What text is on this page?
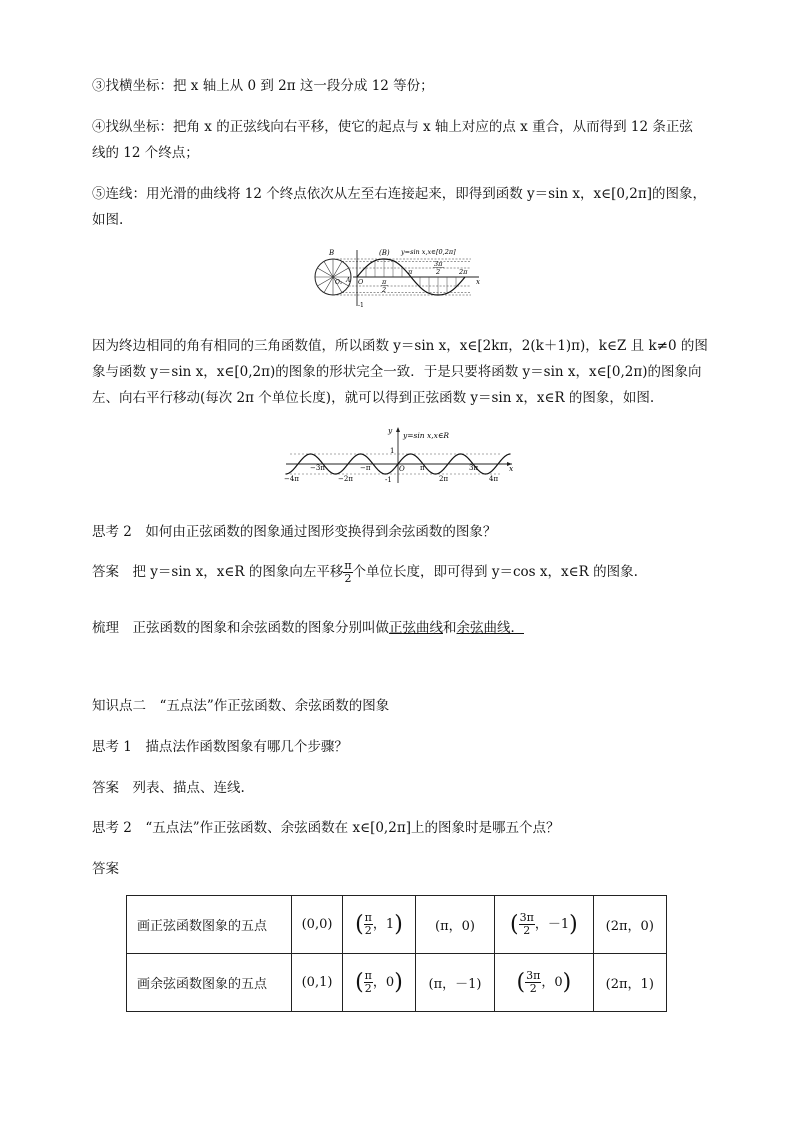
③找横坐标：把 x 轴上从 0 到 2π 这一段分成 12 等份；
④找纵坐标：把角 x 的正弦线向右平移，使它的起点与 x 轴上对应的点 x 重合，从而得到 12 条正弦
线的 12 个终点；
⑤连线：用光滑的曲线将 12 个终点依次从左至右连接起来，即得到函数 y＝sin x，x∈[0,2π]的图象，
如图.
B	(B) y=sin x,x∈[0,2π]
3π
2	2π
π
π
2
x
O
O₁ A
-1
因为终边相同的角有相同的三角函数值，所以函数 y＝sin x，x∈[2kπ，2(k＋1)π)，k∈Z 且 k≠0 的图
象与函数 y＝sin x，x∈[0,2π)的图象的形状完全一致．于是只要将函数 y＝sin x，x∈[0,2π)的图象向
左、向右平行移动(每次 2π 个单位长度)，就可以得到正弦函数 y＝sin x，x∈R 的图象，如图.
y=sin x,x∈R
y
x
1
-1
−4π	−2π	2π	4π
−3π	−π	O π	3π
思考 2　如何由正弦函数的图象通过图形变换得到余弦函数的图象？
答案　把 y＝sin x，x∈R 的图象向左平移 $\frac{\pi}{2}$ 个单位长度，即可得到 y＝cos x，x∈R 的图象.
梳理　正弦函数的图象和余弦函数的图象分别叫做正弦曲线和余弦曲线．
知识点二　“五点法”作正弦函数、余弦函数的图象
思考 1　描点法作函数图象有哪几个步骤？
答案　列表、描点、连线.
思考 2　“五点法”作正弦函数、余弦函数在 x∈[0,2π]上的图象时是哪五个点？
答案
画正弦函数图象的五点	(0,0)	( $\frac{\pi}{2}$ ，1)	(π，0)	( $\frac{3\pi}{2}$ ，－1)	(2π，0)
画余弦函数图象的五点	(0,1)	( $\frac{\pi}{2}$ ，0)	(π，－1)	( $\frac{3\pi}{2}$ ，0)	(2π，1)
